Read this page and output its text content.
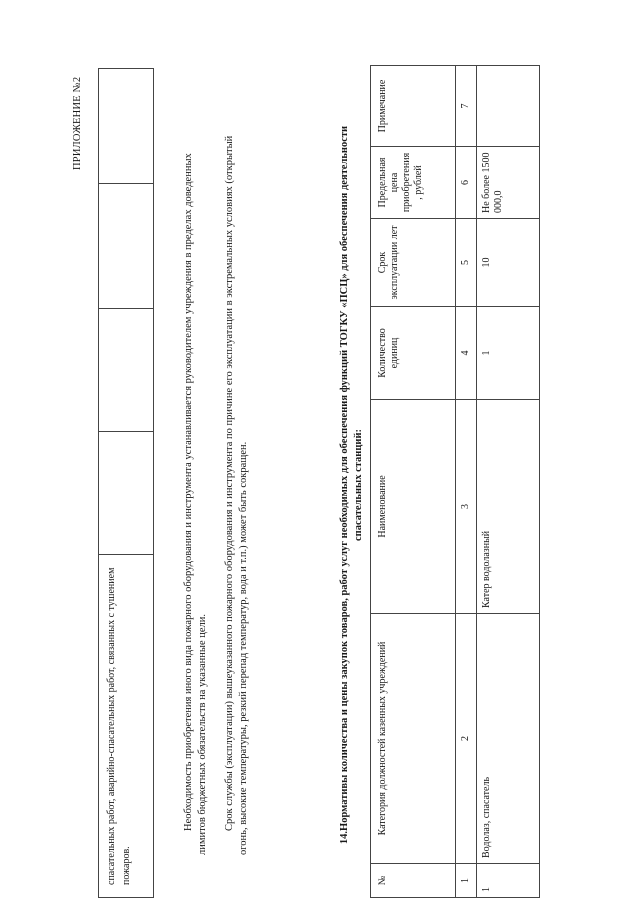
ПРИЛОЖЕНИЕ №2
спасательных работ, аварийно-спасательных работ, связанных с тушением пожаров.
Необходимость приобретения иного вида пожарного оборудования и инструмента устанавливается руководителем учреждения в пределах доведенных лимитов бюджетных обязательств на указанные цели. Срок службы (эксплуатации) вышеуказанного пожарного оборудования и инструмента по причине его эксплуатации в экстремальных условиях (открытый огонь, высокие температуры, резкий перепад температур, вода и т.п.) может быть сокращен.	14.Нормативы количества и цены закупок товаров, работ услуг необходимых для обеспечения функций ТОГКУ «ПСЦ» для обеспечения деятельности спасательных станций:
№
Категория должностей казенных учреждений
Наименование
Количество единиц
Срок эксплуатации лет
Предельная цена приобретения , рублей
Примечание
1
2
3
4
5
6
7
1
Водолаз, спасатель
Катер водолазный
1
10
Не более 1500 000,0
